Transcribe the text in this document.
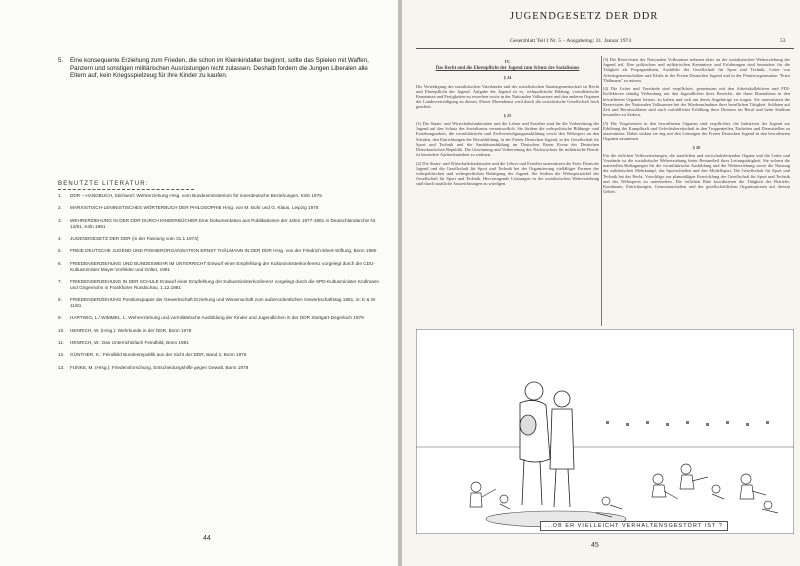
5. Eine konsequente Erziehung zum Frieden, die schon im Kleinkindalter beginnt, sollte das Spielen mit Waffen, Panzern und sonstigen militärischen Ausrüstungen nicht zulassen. Deshalb fordern die Jungen Liberalen alle Eltern auf, kein Kriegsspielzeug für ihre Kinder zu kaufen.
BENUTZTE LITERATUR:
1. DDR – HANDBUCH, Stichwort: Wehrerziehung Hrsg. vom Bundesministerium für innerdeutsche Beziehungen, Köln 1975
2. MARXISTISCH-LENINISTISCHES WÖRTERBUCH DER PHILOSOPHIE Hrsg. von M. Buhr und G. Klaus, Leipzig 1978
3. WEHRERZIEHUNG IN DER DDR DURCH KINDERBÜCHER Eine Dokumentation aus Publikationen der Jahre 1977-1981 in Deutschlandarchiv Nr. 12/81, Köln 1981
4. JUGENDGESETZ DER DDR (in der Fassung vom 31.1.1974)
5. FREIE DEUTSCHE JUGEND UND PIONIERORGANISATION ERNST THÄLMANN IN DER DDR Hrsg. von der Friedrich-Ebert-Stiftung, Bonn 1980
6. FRIEDENSERZIEHUNG UND BUNDESWEHR IM UNTERRICHT Entwurf einer Empfehlung der Kultusministerkonferenz vorgelegt durch die CDU-Kultusminister Mayer-Vorfelder und Gölter, 1981
7. FRIEDENSERZIEHUNG IN DER SCHULE Entwurf einer Empfehlung der Kultusministerkonferenz vorgelegt durch die SPD-Kultusminister Krollmann und Girgensohn in Frankfurter Rundschau, 1.12.1981
8. FRIEDENSERZIEHUNG Positionspapier der Gewerkschaft Erziehung und Wissenschaft zum außerordentlichen Gewerkschaftstag 1981, in: E & W 11/81
9. HARTWIG, L./ WIMMEL, L. Wehrerziehung und vormilitärische Ausbildung der Kinder und Jugendlichen in der DDR Stuttgart-Degerloch 1979
10. HENRICH, W. (Hrsg.): Wehrkunde in der DDR, Bonn 1978
11. HENRICH, W.: Das Unterrichtsfach Feindbild, Bonn 1981
12. GÜNTHER, K.: Feindbild Bundesrepublik aus der Sicht der DDR, Band 2, Bonn 1976
13. FUNKE, M. (Hrsg.): Friedensforschung, Entscheidungshilfe gegen Gewalt, Bonn 1978
44
JUGENDGESETZ DER DDR
Gesetzblatt Teil I Nr. 5 – Ausgabetag: 31. Januar 1974	53
IV.
Das Recht und die Ehrenpflicht der Jugend zum Schutz des Sozialismus
§ 24

Die Verteidigung des sozialistischen Vaterlandes und der sozialistischen Staatengemeinschaft ist Recht und Ehrenpflicht der Jugend. Aufgabe der Jugend ist es, wehrpolitische Bildung, vormilitärische Kenntnisse und Fertigkeiten zu erwerben sowie in der Nationalen Volksarmee und den anderen Organen der Landesverteidigung zu dienen. Dieser Ehrendienst wird durch die sozialistische Gesellschaft hoch geachtet.

§ 25

(1) Die Staats- und Wirtschaftsfunktionäre und die Lehrer und Erzieher sind für die Vorbereitung der Jugend auf den Schutz des Sozialismus verantwortlich. Sie fördern die wehrpolitische Bildungs- und Erziehungsarbeit, die vormilitärische und Zivilverteidigungsausbildung sowie den Wehrsport an den Schulen, den Einrichtungen der Berufsbildung, in der Freien Deutschen Jugend, in der Gesellschaft für Sport und Technik und der Sanitätsausbildung im Deutschen Roten Kreuz der Deutschen Demokratischen Republik. Die Gewinnung und Vorbereitung des Nachwuchses für militärische Berufe ist besondere Aufmerksamkeit zu widmen.

(2) Die Staats- und Wirtschaftsfunktionäre und die Lehrer und Erzieher unterstützen die Freie Deutsche Jugend und die Gesellschaft für Sport und Technik bei der Organisierung vielfältiger Formen der wehrpolitischen und wehrsportlichen Betätigung der Jugend. Sie fördern die Wehrsportzirkel der Gesellschaft für Sport und Technik. Hervorragende Leistungen in der sozialistischen Wehrerziehung sind durch staatliche Auszeichnungen zu würdigen.

(3) Die Reservisten der Nationalen Volksarmee nehmen aktiv an der sozialistischen Wehrerziehung der Jugend teil. Ihre politischen und militärischen Kenntnisse und Erfahrungen sind besonders für die Tätigkeit als Propagandisten, Ausbilder der Gesellschaft für Sport und Technik, Leiter von Arbeitsgemeinschaften und Klubs in der Freien Deutschen Jugend und in der Pionierorganisation "Ernst Thälmann" zu nutzen.

(4) Die Leiter und Vorstände sind verpflichtet, gemeinsam mit den Arbeitskollektiven und FDJ-Kollektiven ständig Verbindung mit den Jugendlichen ihres Bereiche, die ihren Ehrendienst in den bewaffneten Organen leisten, zu halten und sich um deren Angehörige zu sorgen. Sie unterstützen die Reservisten der Nationalen Volksarmee bei der Wiederaufnahme ihrer beruflichen Tätigkeit. Soldaten auf Zeit und Berufssoldaten sind nach vorbildlicher Erfüllung ihres Dienstes im Beruf und beim Studium besonders zu fördern.

(5) Die Vorgesetzten in den bewaffneten Organen sind verpflichtet, die Initiativen der Jugend zur Erhöhung der Kampfkraft und Gefechtsbereitschaft in den Truppenteilen, Einheiten und Dienststellen zu unterstützen. Dabei wirken sie eng mit den Leitungen der Freien Deutschen Jugend in den bewaffneten Organen zusammen.

§ 26

Für die örtlichen Volksvertretungen, die staatlichen und wirtschaftsleitenden Organe und die Leiter und Vorstände ist die sozialistische Wehrerziehung fester Bestandteil ihrer Leitungstätigkeit. Sie sichern die materiellen Bedingungen für die vormilitärische Ausbildung und die Wehrerziehung sowie die Nutzung der militärischen Mehrkampf, das Sportschießen und den Modellsport. Die Gesellschaft für Sport und Technik hat das Recht, Vorschläge zur planmäßigen Entwicklung der Gesellschaft für Sport und Technik und des Wehrsports zu unterbreiten. Die örtlichen Räte koordinieren die Tätigkeit der Betriebe, Kombinate, Einrichtungen, Genossenschaften und der gesellschaftlichen Organisationen auf diesem Gebiet.

...OB ER VIELLEICHT VERHALTENSGESTÖRT IST ?
45
